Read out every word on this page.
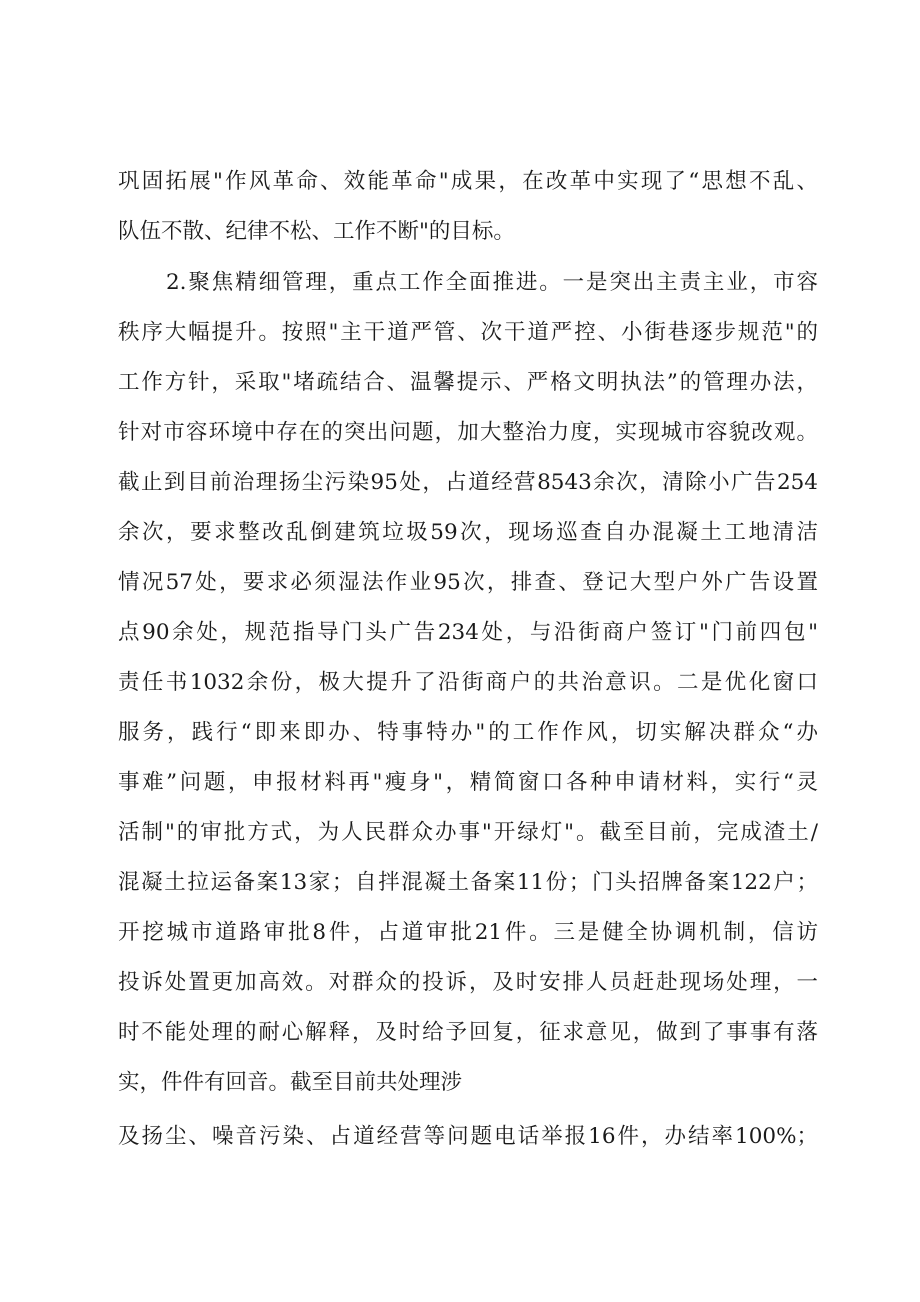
巩固拓展"作风革命、效能革命"成果，在改革中实现了“思想不乱、
队伍不散、纪律不松、工作不断"的目标。
2.聚焦精细管理，重点工作全面推进。一是突出主责主业，市容
秩序大幅提升。按照"主干道严管、次干道严控、小街巷逐步规范"的
工作方针，采取"堵疏结合、温馨提示、严格文明执法”的管理办法，
针对市容环境中存在的突出问题，加大整治力度，实现城市容貌改观。
截止到目前治理扬尘污染95处，占道经营8543余次，清除小广告254
余次，要求整改乱倒建筑垃圾59次，现场巡查自办混凝土工地清洁
情况57处，要求必须湿法作业95次，排查、登记大型户外广告设置
点90余处，规范指导门头广告234处，与沿街商户签订"门前四包"
责任书1032余份，极大提升了沿街商户的共治意识。二是优化窗口
服务，践行“即来即办、特事特办"的工作作风，切实解决群众“办
事难”问题，申报材料再"瘦身"，精简窗口各种申请材料，实行“灵
活制"的审批方式，为人民群众办事"开绿灯"。截至目前，完成渣土/
混凝土拉运备案13家；自拌混凝土备案11份；门头招牌备案122户；
开挖城市道路审批8件，占道审批21件。三是健全协调机制，信访
投诉处置更加高效。对群众的投诉，及时安排人员赶赴现场处理，一
时不能处理的耐心解释，及时给予回复，征求意见，做到了事事有落
实，件件有回音。截至目前共处理涉
及扬尘、噪音污染、占道经营等问题电话举报16件，办结率100%；
